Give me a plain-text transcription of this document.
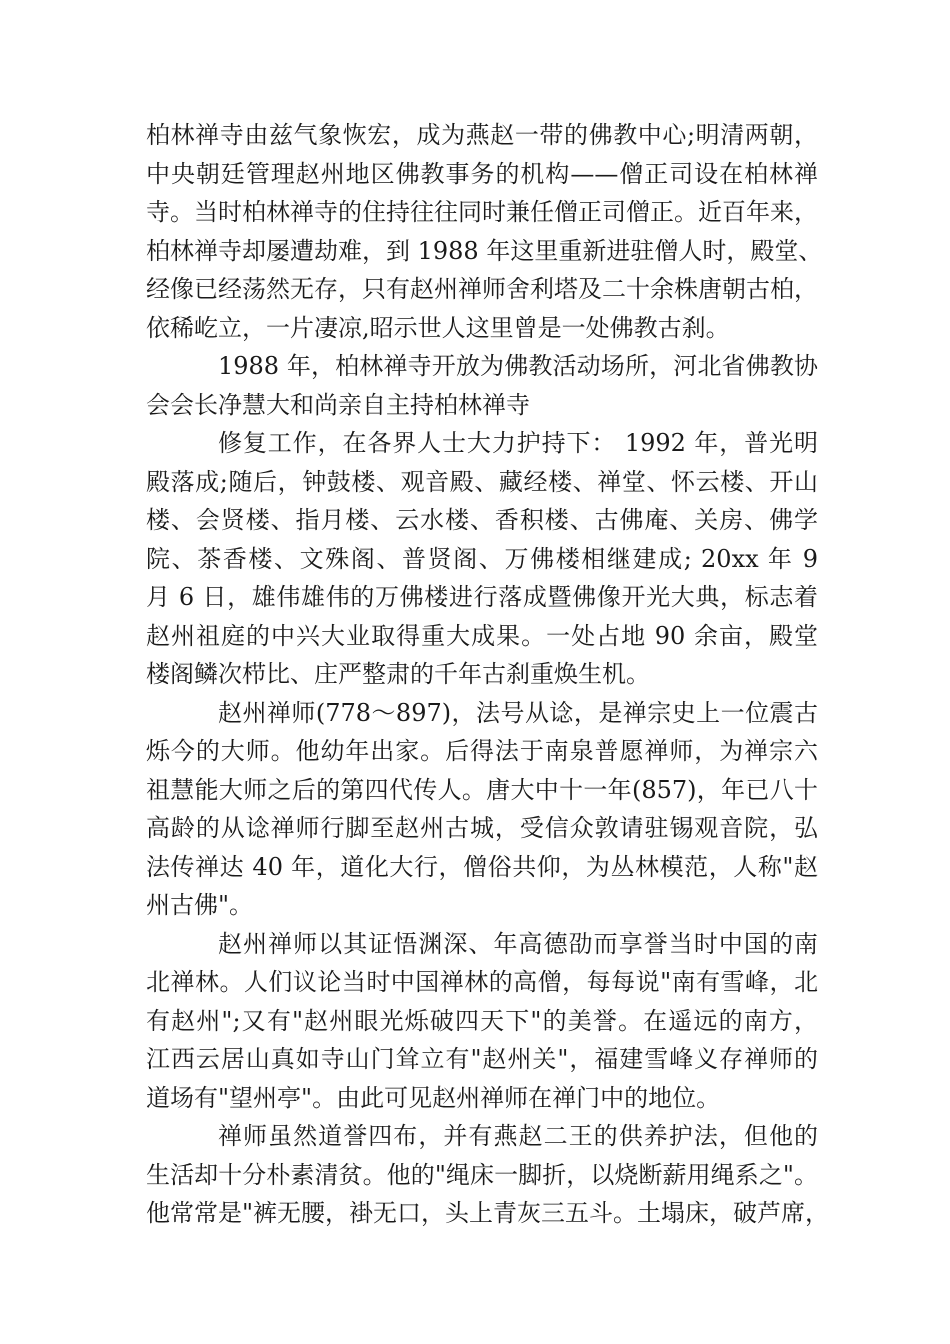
柏林禅寺由兹气象恢宏，成为燕赵一带的佛教中心;明清两朝，
中央朝廷管理赵州地区佛教事务的机构——僧正司设在柏林禅
寺。当时柏林禅寺的住持往往同时兼任僧正司僧正。近百年来，
柏林禅寺却屡遭劫难，到 1988 年这里重新进驻僧人时，殿堂、
经像已经荡然无存，只有赵州禅师舍利塔及二十余株唐朝古柏，
依稀屹立，一片凄凉,昭示世人这里曾是一处佛教古刹。
1988 年，柏林禅寺开放为佛教活动场所，河北省佛教协
会会长净慧大和尚亲自主持柏林禅寺
修复工作，在各界人士大力护持下： 1992 年，普光明
殿落成;随后，钟鼓楼、观音殿、藏经楼、禅堂、怀云楼、开山
楼、会贤楼、指月楼、云水楼、香积楼、古佛庵、关房、佛学
院、茶香楼、文殊阁、普贤阁、万佛楼相继建成; 20xx 年 9
月 6 日，雄伟雄伟的万佛楼进行落成暨佛像开光大典，标志着
赵州祖庭的中兴大业取得重大成果。一处占地 90 余亩，殿堂
楼阁鳞次栉比、庄严整肃的千年古刹重焕生机。
赵州禅师(778～897)，法号从谂，是禅宗史上一位震古
烁今的大师。他幼年出家。后得法于南泉普愿禅师，为禅宗六
祖慧能大师之后的第四代传人。唐大中十一年(857)，年已八十
高龄的从谂禅师行脚至赵州古城，受信众敦请驻锡观音院，弘
法传禅达 40 年，道化大行，僧俗共仰，为丛林模范，人称"赵
州古佛"。
赵州禅师以其证悟渊深、年高德劭而享誉当时中国的南
北禅林。人们议论当时中国禅林的高僧，每每说"南有雪峰，北
有赵州";又有"赵州眼光烁破四天下"的美誉。在遥远的南方，
江西云居山真如寺山门耸立有"赵州关"，福建雪峰义存禅师的
道场有"望州亭"。由此可见赵州禅师在禅门中的地位。
禅师虽然道誉四布，并有燕赵二王的供养护法，但他的
生活却十分朴素清贫。他的"绳床一脚折，以烧断薪用绳系之"。
他常常是"裤无腰，褂无口，头上青灰三五斗。土塌床，破芦席，
